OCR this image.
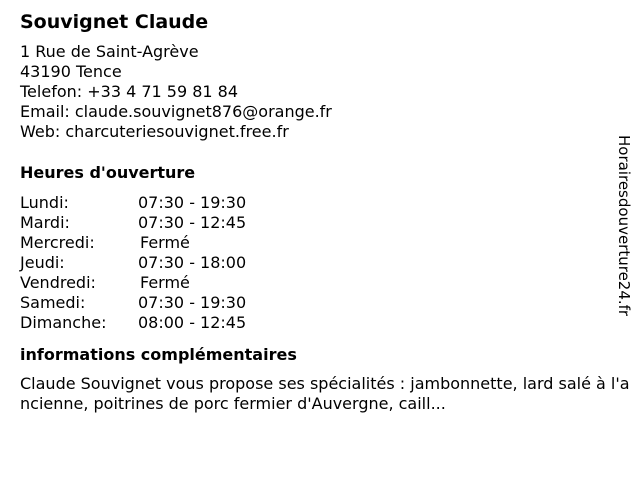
Souvignet Claude
1 Rue de Saint-Agrève
43190 Tence
Telefon: +33 4 71 59 81 84
Email: claude.souvignet876@orange.fr
Web: charcuteriesouvignet.free.fr
Heures d'ouverture
Lundi:	07:30 - 19:30
Mardi:	07:30 - 12:45
Mercredi:	Fermé
Jeudi:	07:30 - 18:00
Vendredi:	Fermé
Samedi:	07:30 - 19:30
Dimanche:	08:00 - 12:45
informations complémentaires
Claude Souvignet vous propose ses spécialités : jambonnette, lard salé à l'ancienne, poitrines de porc fermier d'Auvergne, caill...
Horairesdouverture24.fr
